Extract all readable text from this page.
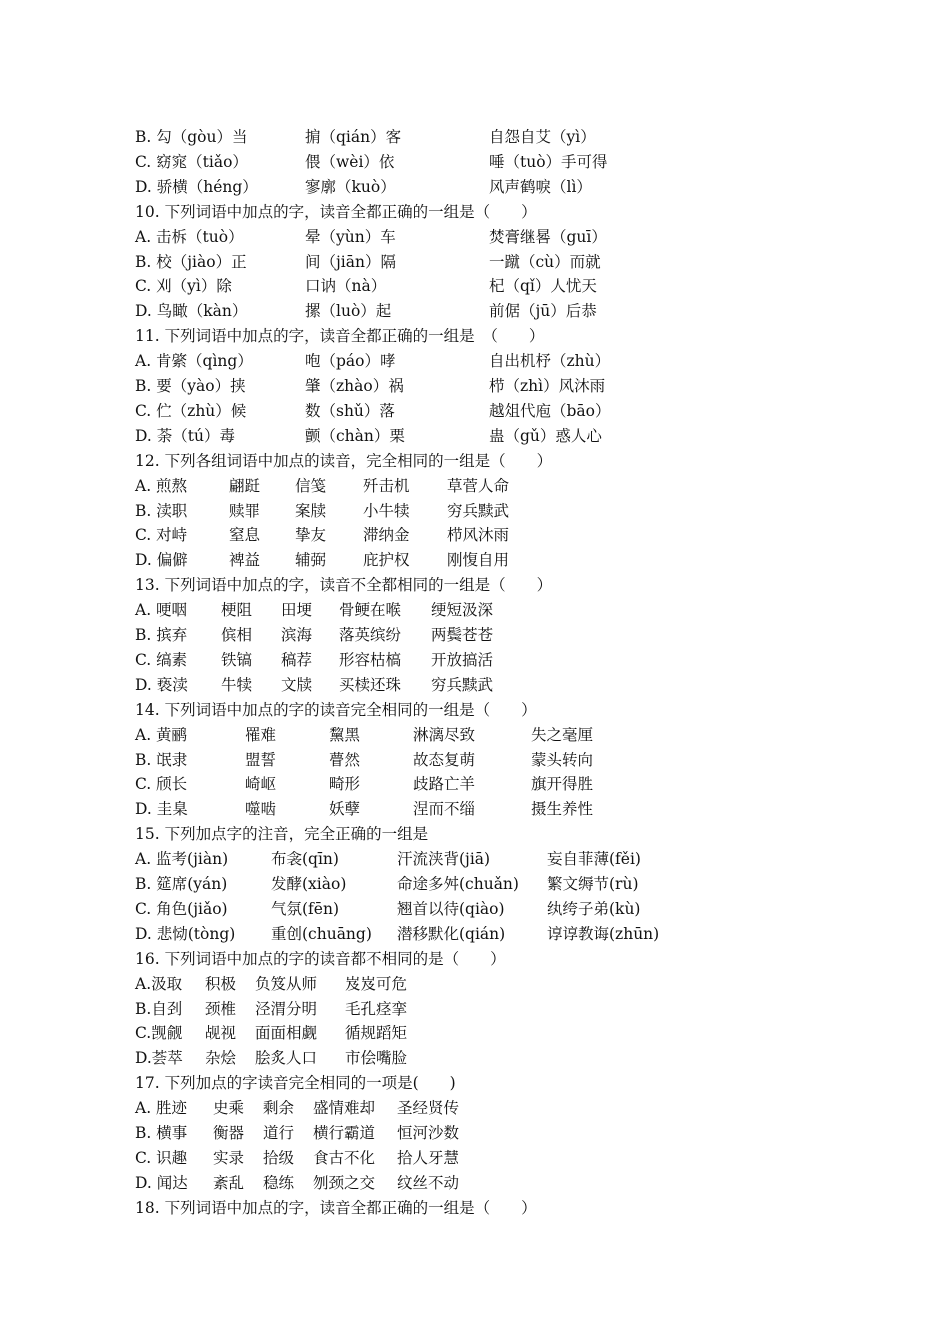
B. 勾（gòu）当	掮（qián）客	自怨自艾（yì）
C. 窈窕（tiǎo）	偎（wèi）依	唾（tuò）手可得
D. 骄横（héng）	寥廓（kuò）	风声鹤唳（lì）
10. 下列词语中加点的字，读音全都正确的一组是（　　）
A. 击柝（tuò）	晕（yùn）车	焚膏继晷（guī）
B. 校（jiào）正	间（jiān）隔	一蹴（cù）而就
C. 刈（yì）除	口讷（nà）	杞（qǐ）人忧天
D. 鸟瞰（kàn）	摞（luò）起	前倨（jū）后恭
11. 下列词语中加点的字，读音全都正确的一组是　（　　）
A. 肯綮（qìng）	咆（páo）哮	自出机杼（zhù）
B. 要（yào）挟	肇（zhào）祸	栉（zhì）风沐雨
C. 伫（zhù）候	数（shǔ）落	越俎代庖（bāo）
D. 荼（tú）毒	颤（chàn）栗	蛊（gǔ）惑人心
12. 下列各组词语中加点的读音，完全相同的一组是（　　）
A. 煎熬	翩跹 信笺 歼击机 草菅人命
B. 渎职	赎罪 案牍 小牛犊 穷兵黩武
C. 对峙	窒息 挚友 滞纳金 栉风沐雨
D. 偏僻	裨益 辅弼 庇护权 刚愎自用
13. 下列词语中加点的字，读音不全都相同的一组是（　　）
A. 哽咽 梗阻 田埂 骨鲠在喉 绠短汲深
B. 摈弃 傧相 滨海 落英缤纷 两鬓苍苍
C. 缟素 铁镐 稿荐 形容枯槁 开放搞活
D. 亵渎 牛犊 文牍 买椟还珠 穷兵黩武
14. 下列词语中加点的字的读音完全相同的一组是（　　）
A. 黄鹂	罹难	黧黑	淋漓尽致	失之毫厘
B. 氓隶	盟誓	瞢然	故态复萌	蒙头转向
C. 颀长	崎岖	畸形	歧路亡羊	旗开得胜
D. 圭臬	噬啮	妖孽	涅而不缁	摄生养性
15. 下列加点字的注音，完全正确的一组是
A. 监考(jiàn)	布衾(qīn)	汗流浃背(jiā)	妄自菲薄(fěi)
B. 筵席(yán)	发酵(xiào)	命途多舛(chuǎn) 繁文缛节(rù)
C. 角色(jiǎo)	气氛(fēn)	翘首以待(qiào)	纨绔子弟(kù)
D. 悲恸(tòng) 重创(chuāng) 潜移默化(qián)	谆谆教诲(zhūn)
16. 下列词语中加点的字的读音都不相同的是（　　）
A.汲取 积极 负笈从师 岌岌可危
B.自刭 颈椎 泾渭分明 毛孔痉挛
C.觊觎 觇视 面面相觑 循规蹈矩
D.荟萃 杂烩 脍炙人口 市侩嘴脸
17. 下列加点的字读音完全相同的一项是(　　)
A. 胜迹 史乘 剩余 盛情难却 圣经贤传
B. 横事 衡器 道行 横行霸道 恒河沙数
C. 识趣 实录 拾级 食古不化 拾人牙慧
D. 闻达 紊乱 稳练 刎颈之交 纹丝不动
18. 下列词语中加点的字，读音全都正确的一组是（　　）
